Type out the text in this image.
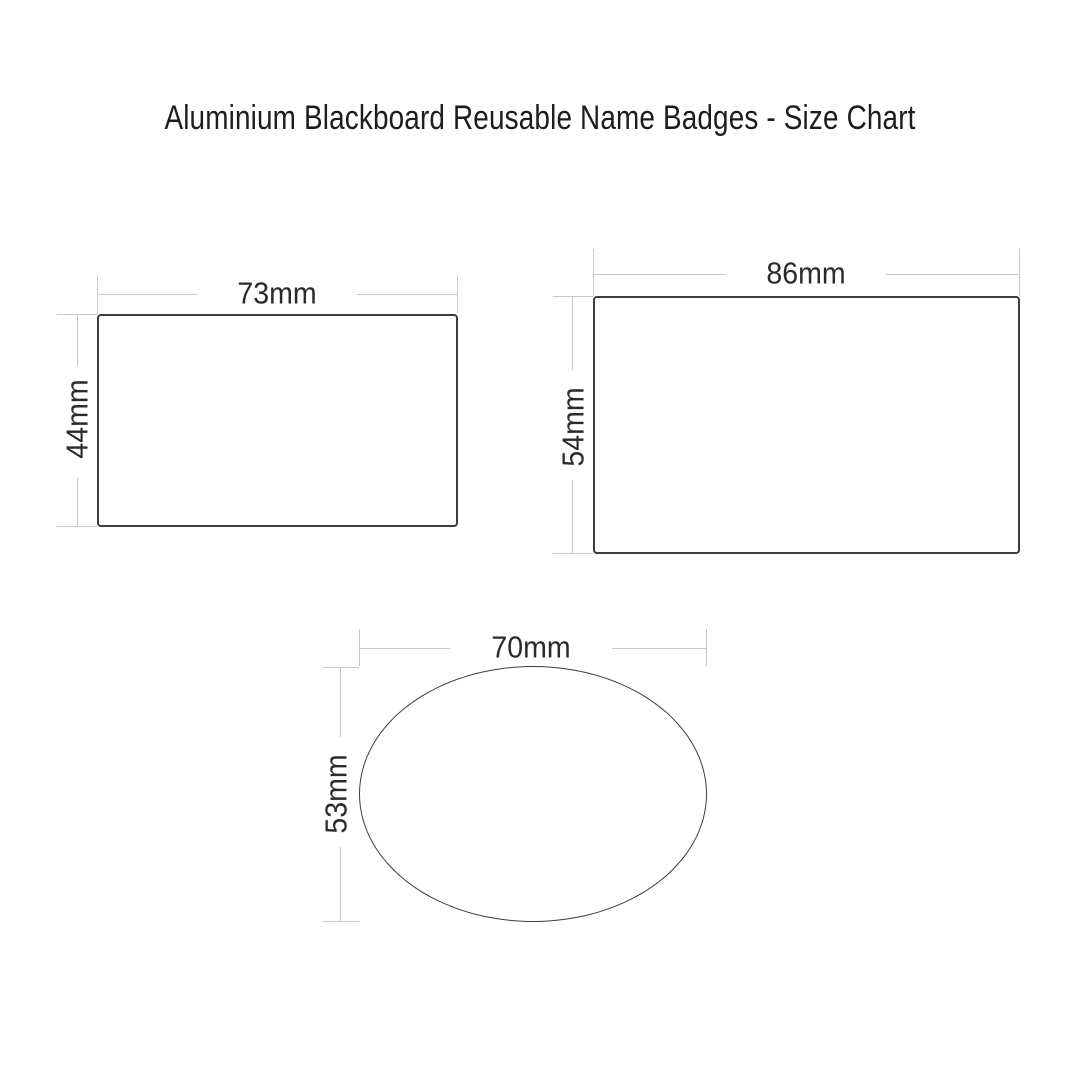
Aluminium Blackboard Reusable Name Badges - Size Chart
73mm
44mm
86mm
54mm
70mm
53mm
